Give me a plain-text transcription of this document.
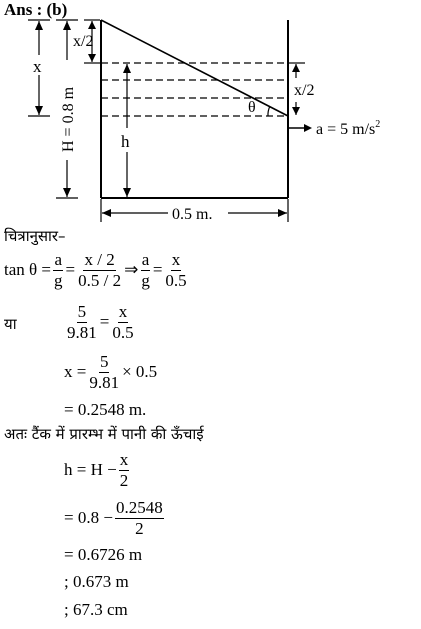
Ans : (b)
x
x/2
x/2
H = 0.8 m	h
θ
a = 5 $m/s^2$
0.5 m.
चित्रानुसार–
$\tan \theta = \frac{a}{g} = \frac{x / 2}{0.5 / 2}$ ⇒ $\frac{a}{g} = \frac{x}{0.5}$
या	$\frac{5}{9.81} = \frac{x}{0.5}$
$x = \frac{5}{9.81} \times 0.5$
= 0.2548 m.
अतः टैंक में प्रारम्भ में पानी की ऊँचाई
$h = H - \frac{x}{2}$
= $0.8 - \frac{0.2548}{2}$
= 0.6726 m
; 0.673 m
; 67.3 cm
